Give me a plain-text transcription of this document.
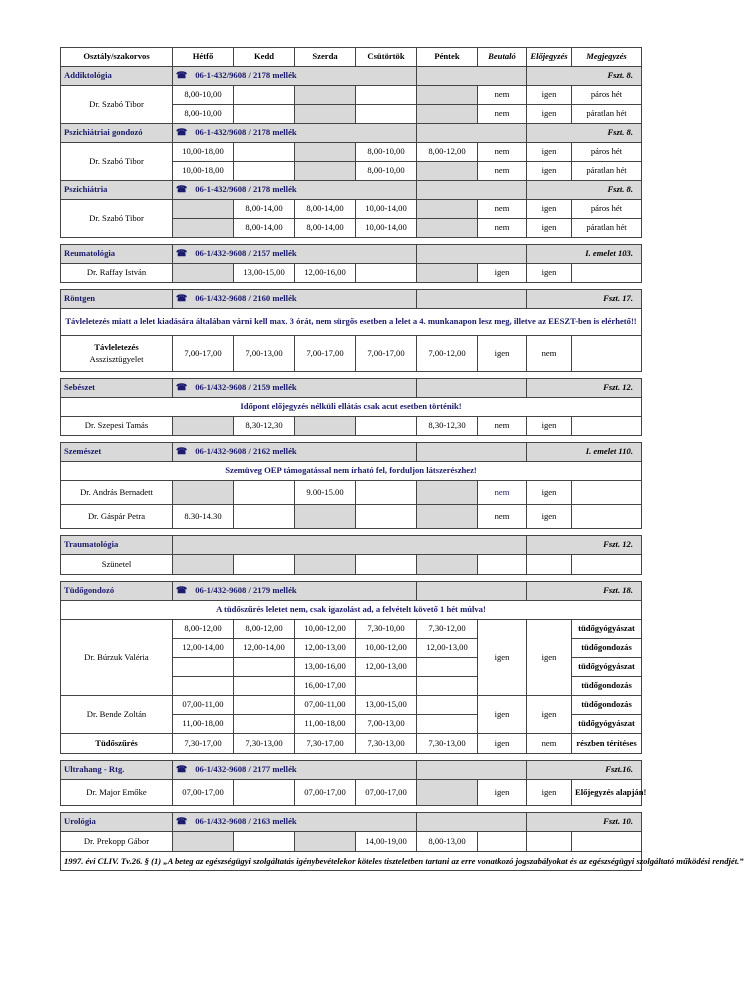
Osztály/szakorvos	Hétfő	Kedd	Szerda	Csütörtök	Péntek	Beutaló	Előjegyzés	Megjegyzés
Addiktológia	☎ 06-1-432/9608 / 2178 mellék						Fszt. 8.	
Dr. Szabó Tibor	8,00-10,00					nem	igen	páros hét
	8,00-10,00					nem	igen	páratlan hét
Pszichiátriai gondozó	☎ 06-1-432/9608 / 2178 mellék						Fszt. 8.	
Dr. Szabó Tibor	10,00-18,00			8,00-10,00	8,00-12,00	nem	igen	páros hét
	10,00-18,00			8,00-10,00		nem	igen	páratlan hét
Pszichiátria	☎ 06-1-432/9608 / 2178 mellék						Fszt. 8.	
Dr. Szabó Tibor		8,00-14,00	8,00-14,00	10,00-14,00		nem	igen	páros hét
		8,00-14,00	8,00-14,00	10,00-14,00		nem	igen	páratlan hét

Reumatológia	☎ 06-1/432-9608 / 2157 mellék						I. emelet 103.	
Dr. Raffay István		13,00-15,00	12,00-16,00			igen	igen	

Röntgen	☎ 06-1/432-9608 / 2160 mellék						Fszt. 17.	
Távleletezés miatt a lelet kiadására általában várni kell max. 3 órát, nem sürgős esetben a lelet a 4. munkanapon lesz meg, illetve az EESZT-ben is elérhető!!								
Távleletezés
Asszisztügyelet	7,00-17,00	7,00-13,00	7,00-17,00	7,00-17,00	7,00-12,00	igen	nem	

Sebészet	☎ 06-1/432-9608 / 2159 mellék						Fszt. 12.	
Időpont előjegyzés nélküli ellátás csak acut esetben történik!								
Dr. Szepesi Tamás		8,30-12,30			8,30-12,30	nem	igen	

Szemészet	☎ 06-1/432-9608 / 2162 mellék						I. emelet 110.	
Szemüveg OEP támogatással nem írható fel, forduljon látszerészhez!								
Dr. András Bernadett			9.00-15.00			nem	igen	
Dr. Gáspár Petra	8.30-14.30					nem	igen	

Traumatológia							Fszt. 12.	
Szünetel								

Tüdőgondozó	☎ 06-1/432-9608 / 2179 mellék						Fszt. 18.	
A tüdőszűrés leletet nem, csak igazolást ad, a felvételt követő 1 hét múlva!								
Dr. Búrzuk Valéria	8,00-12,00	8,00-12,00	10,00-12,00	7,30-10,00	7,30-12,00	igen	igen	tüdőgyógyászat
	12,00-14,00	12,00-14,00	12,00-13,00	10,00-12,00	12,00-13,00			tüdőgondozás
			13,00-16,00	12,00-13,00				tüdőgyógyászat
			16,00-17,00					tüdőgondozás
Dr. Bende Zoltán	07,00-11,00		07,00-11,00	13,00-15,00		igen	igen	tüdőgondozás
	11,00-18,00		11,00-18,00	7,00-13,00				tüdőgyógyászat
Tüdőszűrés	7,30-17,00	7,30-13,00	7,30-17,00	7,30-13,00	7,30-13,00	igen	nem	részben térítéses

Ultrahang - Rtg.	☎ 06-1/432-9608 / 2177 mellék						Fszt.16.	
Dr. Major Emőke	07,00-17,00		07,00-17,00	07,00-17,00		igen	igen	Előjegyzés alapján!

Urológia	☎ 06-1/432-9608 / 2163 mellék						Fszt. 10.	
Dr. Prekopp Gábor				14,00-19,00	8,00-13,00			
1997. évi CLIV. Tv.26. § (1) „A beteg az egészségügyi szolgáltatás igénybevételekor köteles tiszteletben tartani az erre vonatkozó jogszabályokat és az egészségügyi szolgáltató működési rendjét.”								
